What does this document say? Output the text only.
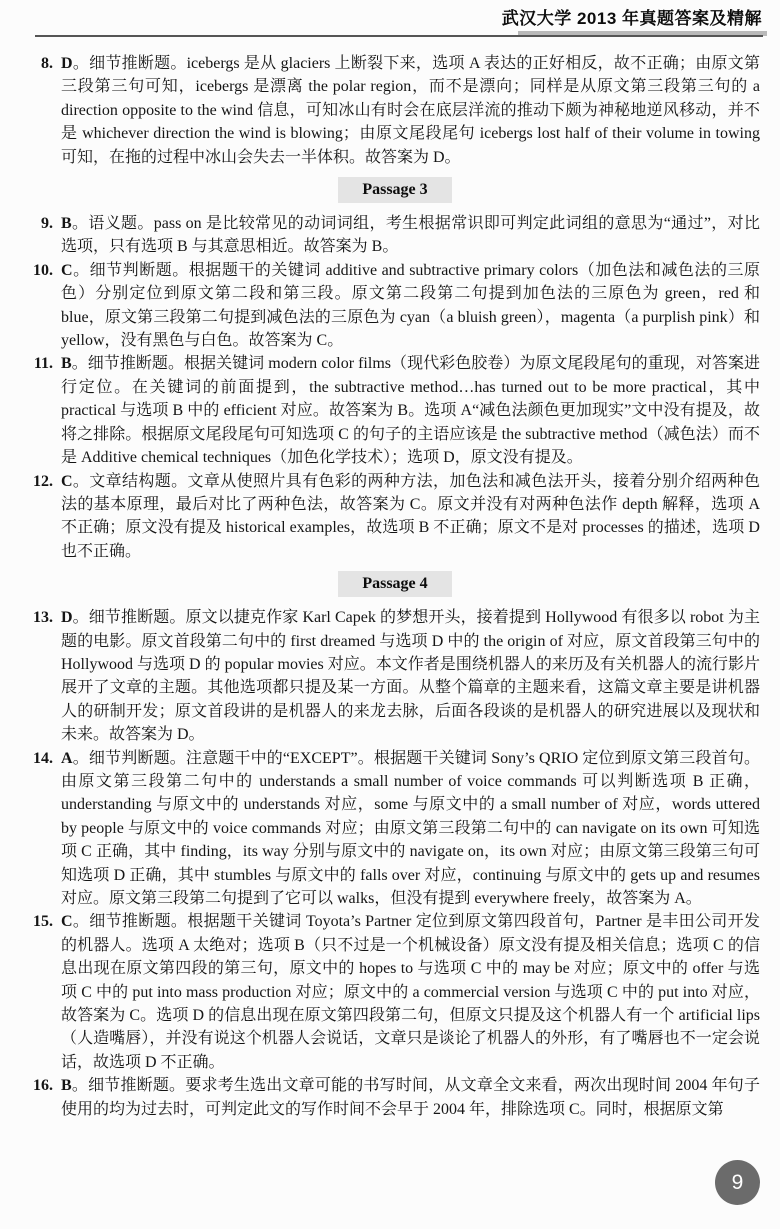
武汉大学 2013 年真题答案及精解
8. D。细节推断题。icebergs 是从 glaciers 上断裂下来，选项 A 表达的正好相反，故不正确；由原文第三段第三句可知，icebergs 是漂离 the polar region，而不是漂向；同样是从原文第三段第三句的 a direction opposite to the wind 信息，可知冰山有时会在底层洋流的推动下颇为神秘地逆风移动，并不是 whichever direction the wind is blowing；由原文尾段尾句 icebergs lost half of their volume in towing 可知，在拖的过程中冰山会失去一半体积。故答案为 D。

Passage 3
9. B。语义题。pass on 是比较常见的动词词组，考生根据常识即可判定此词组的意思为“通过”，对比选项，只有选项 B 与其意思相近。故答案为 B。

10. C。细节判断题。根据题干的关键词 additive and subtractive primary colors（加色法和减色法的三原色）分别定位到原文第二段和第三段。原文第二段第二句提到加色法的三原色为 green，red 和 blue，原文第三段第二句提到减色法的三原色为 cyan（a bluish green），magenta（a purplish pink）和 yellow，没有黑色与白色。故答案为 C。

11. B。细节推断题。根据关键词 modern color films（现代彩色胶卷）为原文尾段尾句的重现，对答案进行定位。在关键词的前面提到，the subtractive method…has turned out to be more practical，其中 practical 与选项 B 中的 efficient 对应。故答案为 B。选项 A“减色法颜色更加现实”文中没有提及，故将之排除。根据原文尾段尾句可知选项 C 的句子的主语应该是 the subtractive method（减色法）而不是 Additive chemical techniques（加色化学技术）；选项 D，原文没有提及。

12. C。文章结构题。文章从使照片具有色彩的两种方法，加色法和减色法开头，接着分别介绍两种色法的基本原理，最后对比了两种色法，故答案为 C。原文并没有对两种色法作 depth 解释，选项 A 不正确；原文没有提及 historical examples，故选项 B 不正确；原文不是对 processes 的描述，选项 D 也不正确。

Passage 4
13. D。细节推断题。原文以捷克作家 Karl Capek 的梦想开头，接着提到 Hollywood 有很多以 robot 为主题的电影。原文首段第二句中的 first dreamed 与选项 D 中的 the origin of 对应，原文首段第三句中的 Hollywood 与选项 D 的 popular movies 对应。本文作者是围绕机器人的来历及有关机器人的流行影片展开了文章的主题。其他选项都只提及某一方面。从整个篇章的主题来看，这篇文章主要是讲机器人的研制开发；原文首段讲的是机器人的来龙去脉，后面各段谈的是机器人的研究进展以及现状和未来。故答案为 D。

14. A。细节判断题。注意题干中的“EXCEPT”。根据题干关键词 Sony’s QRIO 定位到原文第三段首句。由原文第三段第二句中的 understands a small number of voice commands 可以判断选项 B 正确，understanding 与原文中的 understands 对应，some 与原文中的 a small number of 对应，words uttered by people 与原文中的 voice commands 对应；由原文第三段第二句中的 can navigate on its own 可知选项 C 正确，其中 finding，its way 分别与原文中的 navigate on，its own 对应；由原文第三段第三句可知选项 D 正确，其中 stumbles 与原文中的 falls over 对应，continuing 与原文中的 gets up and resumes 对应。原文第三段第二句提到了它可以 walks，但没有提到 everywhere freely，故答案为 A。

15. C。细节推断题。根据题干关键词 Toyota’s Partner 定位到原文第四段首句，Partner 是丰田公司开发的机器人。选项 A 太绝对；选项 B（只不过是一个机械设备）原文没有提及相关信息；选项 C 的信息出现在原文第四段的第三句，原文中的 hopes to 与选项 C 中的 may be 对应；原文中的 offer 与选项 C 中的 put into mass production 对应；原文中的 a commercial version 与选项 C 中的 put into 对应，故答案为 C。选项 D 的信息出现在原文第四段第二句，但原文只提及这个机器人有一个 artificial lips（人造嘴唇），并没有说这个机器人会说话，文章只是谈论了机器人的外形，有了嘴唇也不一定会说话，故选项 D 不正确。

16. B。细节推断题。要求考生选出文章可能的书写时间，从文章全文来看，两次出现时间 2004 年句子使用的均为过去时，可判定此文的写作时间不会早于 2004 年，排除选项 C。同时，根据原文第

9
